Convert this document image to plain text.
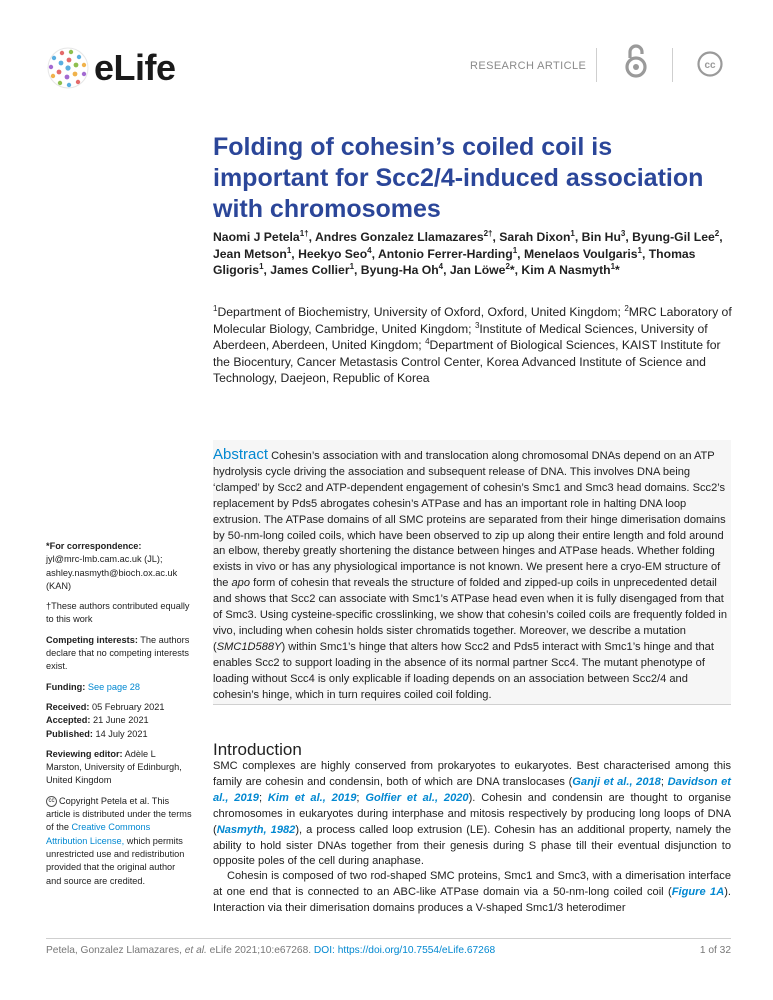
eLife	RESEARCH ARTICLE	cc
Folding of cohesin’s coiled coil is important for Scc2/4-induced association with chromosomes
Naomi J Petela$^{1\dagger}$, Andres Gonzalez Llamazares$^{2\dagger}$, Sarah Dixon$^1$, Bin Hu$^3$, Byung-Gil Lee$^2$, Jean Metson$^1$, Heekyo Seo$^4$, Antonio Ferrer-Harding$^1$, Menelaos Voulgaris$^1$, Thomas Gligoris$^1$, James Collier$^1$, Byung-Ha Oh$^4$, Jan Löwe$^2$*, Kim A Nasmyth$^1$*
$^1$Department of Biochemistry, University of Oxford, Oxford, United Kingdom; $^2$MRC Laboratory of Molecular Biology, Cambridge, United Kingdom; $^3$Institute of Medical Sciences, University of Aberdeen, Aberdeen, United Kingdom; $^4$Department of Biological Sciences, KAIST Institute for the Biocentury, Cancer Metastasis Control Center, Korea Advanced Institute of Science and Technology, Daejeon, Republic of Korea

*For correspondence:
jyl@mrc-lmb.cam.ac.uk (JL); ashley.nasmyth@bioch.ox.ac.uk (KAN)

†These authors contributed equally to this work

Competing interests: The authors declare that no competing interests exist.

Funding: See page 28

Received: 05 February 2021
Accepted: 21 June 2021
Published: 14 July 2021

Reviewing editor: Adèle L Marston, University of Edinburgh, United Kingdom

cc Copyright Petela et al. This article is distributed under the terms of the Creative Commons Attribution License, which permits unrestricted use and redistribution provided that the original author and source are credited.

Abstract Cohesin’s association with and translocation along chromosomal DNAs depend on an ATP hydrolysis cycle driving the association and subsequent release of DNA. This involves DNA being ‘clamped’ by Scc2 and ATP-dependent engagement of cohesin’s Smc1 and Smc3 head domains. Scc2’s replacement by Pds5 abrogates cohesin’s ATPase and has an important role in halting DNA loop extrusion. The ATPase domains of all SMC proteins are separated from their hinge dimerisation domains by 50-nm-long coiled coils, which have been observed to zip up along their entire length and fold around an elbow, thereby greatly shortening the distance between hinges and ATPase heads. Whether folding exists in vivo or has any physiological importance is not known. We present here a cryo-EM structure of the apo form of cohesin that reveals the structure of folded and zipped-up coils in unprecedented detail and shows that Scc2 can associate with Smc1’s ATPase head even when it is fully disengaged from that of Smc3. Using cysteine-specific crosslinking, we show that cohesin’s coiled coils are frequently folded in vivo, including when cohesin holds sister chromatids together. Moreover, we describe a mutation (SMC1D588Y) within Smc1’s hinge that alters how Scc2 and Pds5 interact with Smc1’s hinge and that enables Scc2 to support loading in the absence of its normal partner Scc4. The mutant phenotype of loading without Scc4 is only explicable if loading depends on an association between Scc2/4 and cohesin’s hinge, which in turn requires coiled coil folding.
Introduction

SMC complexes are highly conserved from prokaryotes to eukaryotes. Best characterised among this family are cohesin and condensin, both of which are DNA translocases (Ganji et al., 2018; Davidson et al., 2019; Kim et al., 2019; Golfier et al., 2020). Cohesin and condensin are thought to organise chromosomes in eukaryotes during interphase and mitosis respectively by producing long loops of DNA (Nasmyth, 1982), a process called loop extrusion (LE). Cohesin has an additional property, namely the ability to hold sister DNAs together from their genesis during S phase till their eventual disjunction to opposite poles of the cell during anaphase.

Cohesin is composed of two rod-shaped SMC proteins, Smc1 and Smc3, with a dimerisation interface at one end that is connected to an ABC-like ATPase domain via a 50-nm-long coiled coil (Figure 1A). Interaction via their dimerisation domains produces a V-shaped Smc1/3 heterodimer

Petela, Gonzalez Llamazares, et al. eLife 2021;10:e67268. DOI: https://doi.org/10.7554/eLife.67268	1 of 32
